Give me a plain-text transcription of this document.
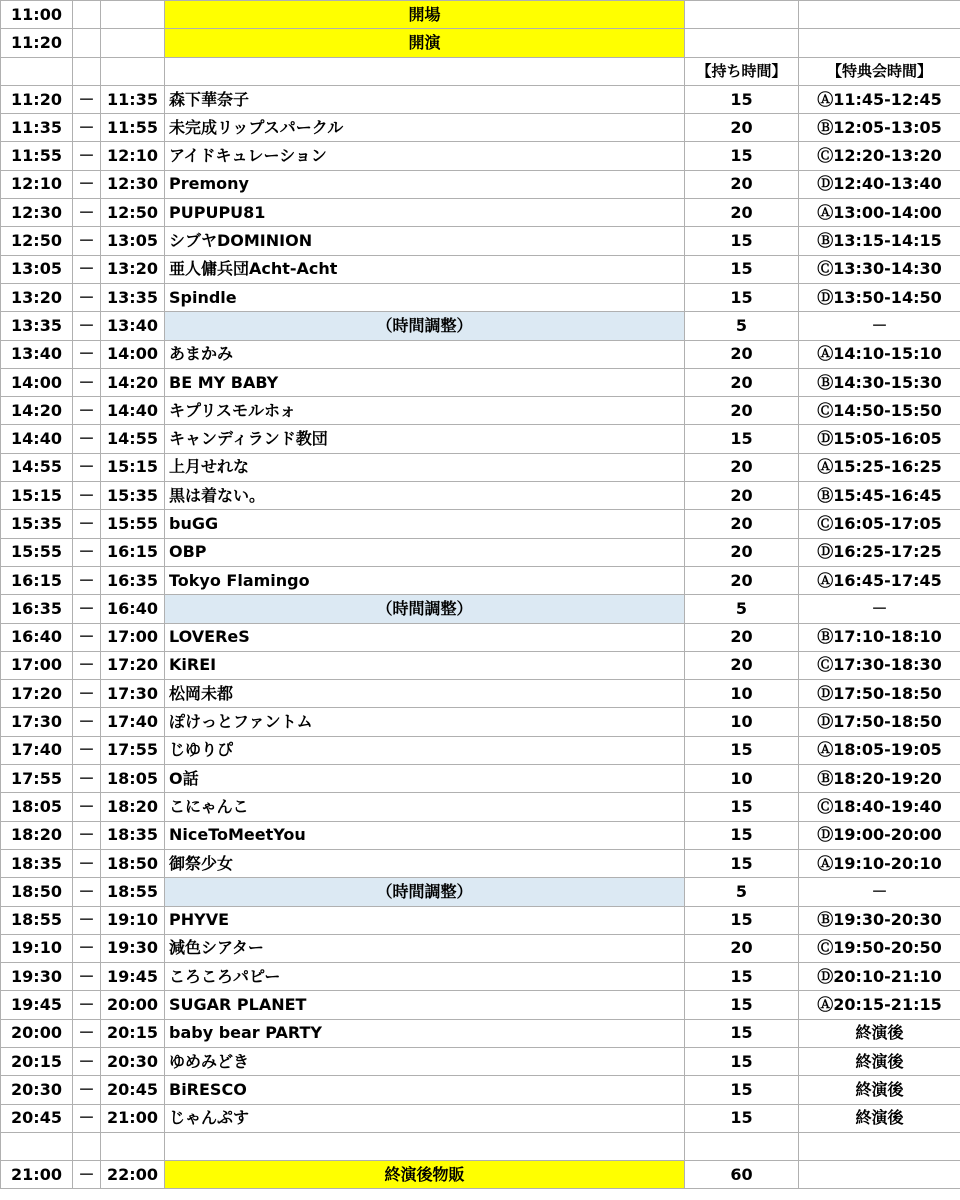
11:00			開場		
11:20			開演		
				【持ち時間】	【特典会時間】
11:20	－	11:35	森下華奈子	15	Ⓐ11:45-12:45
11:35	－	11:55	未完成リップスパークル	20	Ⓑ12:05-13:05
11:55	－	12:10	アイドキュレーション	15	Ⓒ12:20-13:20
12:10	－	12:30	Premony	20	Ⓓ12:40-13:40
12:30	－	12:50	PUPUPU81	20	Ⓐ13:00-14:00
12:50	－	13:05	シブヤDOMINION	15	Ⓑ13:15-14:15
13:05	－	13:20	亜人傭兵団Acht-Acht	15	Ⓒ13:30-14:30
13:20	－	13:35	Spindle	15	Ⓓ13:50-14:50
13:35	－	13:40	（時間調整）	5	－
13:40	－	14:00	あまかみ	20	Ⓐ14:10-15:10
14:00	－	14:20	BE MY BABY	20	Ⓑ14:30-15:30
14:20	－	14:40	キプリスモルホォ	20	Ⓒ14:50-15:50
14:40	－	14:55	キャンディランド教団	15	Ⓓ15:05-16:05
14:55	－	15:15	上月せれな	20	Ⓐ15:25-16:25
15:15	－	15:35	黒は着ない。	20	Ⓑ15:45-16:45
15:35	－	15:55	buGG	20	Ⓒ16:05-17:05
15:55	－	16:15	OBP	20	Ⓓ16:25-17:25
16:15	－	16:35	Tokyo Flamingo	20	Ⓐ16:45-17:45
16:35	－	16:40	（時間調整）	5	－
16:40	－	17:00	LOVEReS	20	Ⓑ17:10-18:10
17:00	－	17:20	KiREI	20	Ⓒ17:30-18:30
17:20	－	17:30	松岡未都	10	Ⓓ17:50-18:50
17:30	－	17:40	ぽけっとファントム	10	Ⓓ17:50-18:50
17:40	－	17:55	じゆりぴ	15	Ⓐ18:05-19:05
17:55	－	18:05	O話	10	Ⓑ18:20-19:20
18:05	－	18:20	こにゃんこ	15	Ⓒ18:40-19:40
18:20	－	18:35	NiceToMeetYou	15	Ⓓ19:00-20:00
18:35	－	18:50	御祭少女	15	Ⓐ19:10-20:10
18:50	－	18:55	（時間調整）	5	－
18:55	－	19:10	PHYVE	15	Ⓑ19:30-20:30
19:10	－	19:30	減色シアター	20	Ⓒ19:50-20:50
19:30	－	19:45	ころころパピー	15	Ⓓ20:10-21:10
19:45	－	20:00	SUGAR PLANET	15	Ⓐ20:15-21:15
20:00	－	20:15	baby bear PARTY	15	終演後
20:15	－	20:30	ゆめみどき	15	終演後
20:30	－	20:45	BiRESCO	15	終演後
20:45	－	21:00	じゃんぷす	15	終演後

21:00	－	22:00	終演後物販	60	
